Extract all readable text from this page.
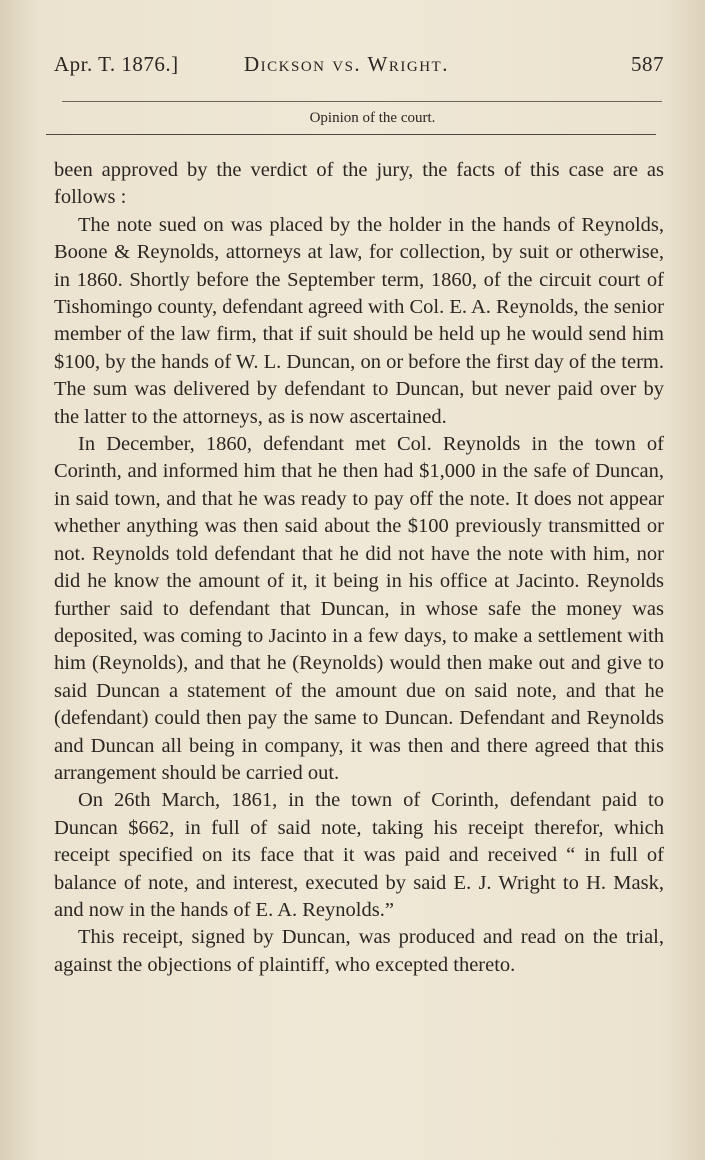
Apr. T. 1876.]	Dickson vs. Wright.	587
Opinion of the court.

been approved by the verdict of the jury, the facts of this case are as follows :

The note sued on was placed by the holder in the hands of Reynolds, Boone & Reynolds, attorneys at law, for collection, by suit or otherwise, in 1860. Shortly before the September term, 1860, of the circuit court of Tishomingo county, defendant agreed with Col. E. A. Reynolds, the senior member of the law firm, that if suit should be held up he would send him $100, by the hands of W. L. Duncan, on or before the first day of the term. The sum was delivered by defendant to Duncan, but never paid over by the latter to the attorneys, as is now ascertained.

In December, 1860, defendant met Col. Reynolds in the town of Corinth, and informed him that he then had $1,000 in the safe of Duncan, in said town, and that he was ready to pay off the note. It does not appear whether anything was then said about the $100 previously transmitted or not. Reynolds told defendant that he did not have the note with him, nor did he know the amount of it, it being in his office at Jacinto. Reynolds further said to defendant that Duncan, in whose safe the money was deposited, was coming to Jacinto in a few days, to make a settlement with him (Reynolds), and that he (Reynolds) would then make out and give to said Duncan a statement of the amount due on said note, and that he (defendant) could then pay the same to Duncan. Defendant and Reynolds and Duncan all being in company, it was then and there agreed that this arrangement should be carried out.

On 26th March, 1861, in the town of Corinth, defendant paid to Duncan $662, in full of said note, taking his receipt therefor, which receipt specified on its face that it was paid and received “ in full of balance of note, and interest, executed by said E. J. Wright to H. Mask, and now in the hands of E. A. Reynolds.”

This receipt, signed by Duncan, was produced and read on the trial, against the objections of plaintiff, who excepted thereto.
